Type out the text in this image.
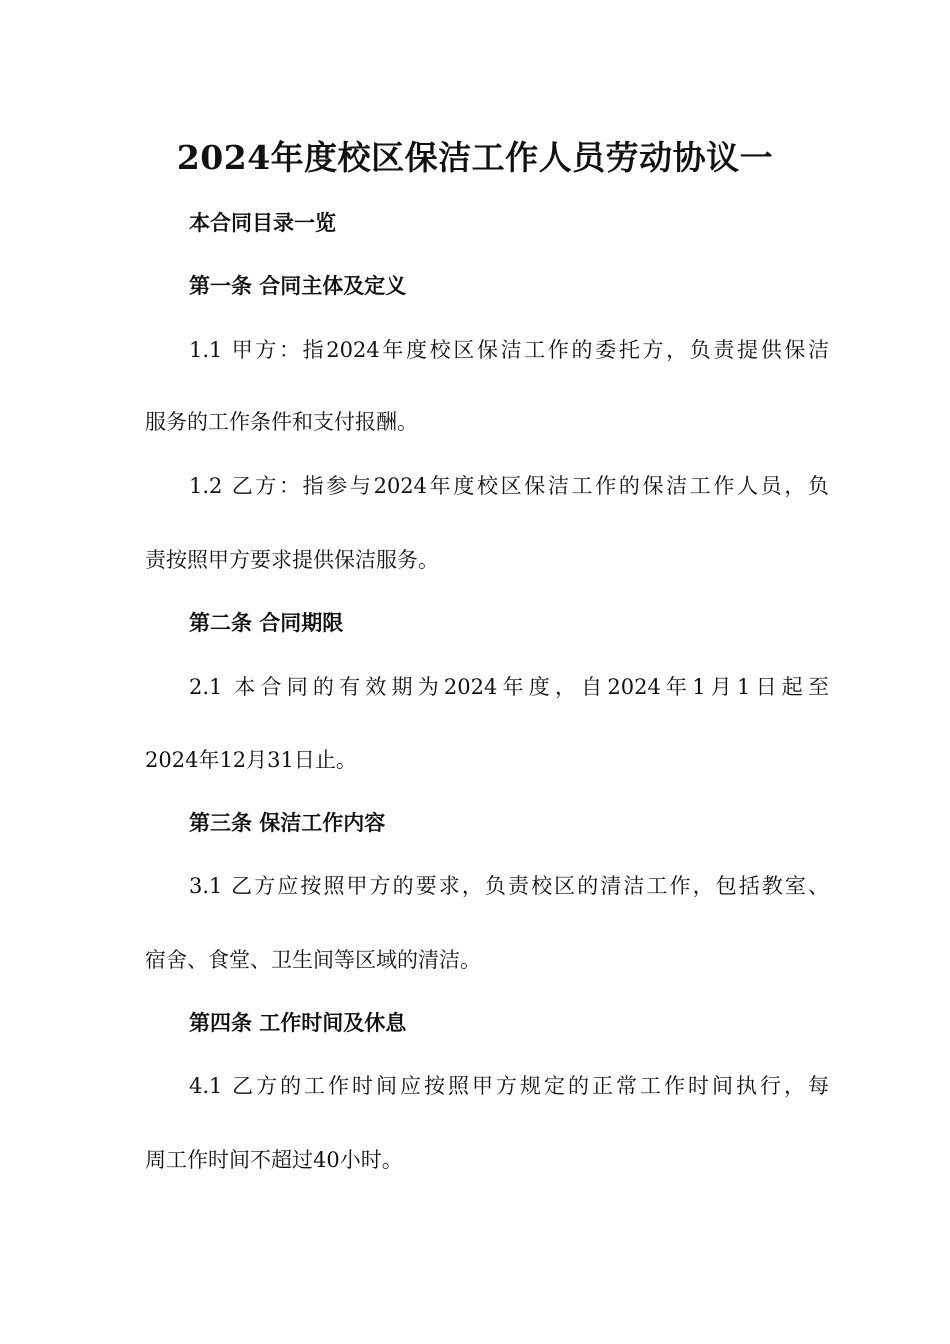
2024年度校区保洁工作人员劳动协议一
本合同目录一览
第一条 合同主体及定义
1.1 甲方：指2024年度校区保洁工作的委托方，负责提供保洁
服务的工作条件和支付报酬。
1.2 乙方：指参与2024年度校区保洁工作的保洁工作人员，负
责按照甲方要求提供保洁服务。
第二条 合同期限
2.1 本合同的有效期为2024年度，自2024年1月1日起至
2024年12月31日止。
第三条 保洁工作内容
3.1 乙方应按照甲方的要求，负责校区的清洁工作，包括教室、
宿舍、食堂、卫生间等区域的清洁。
第四条 工作时间及休息
4.1 乙方的工作时间应按照甲方规定的正常工作时间执行，每
周工作时间不超过40小时。
